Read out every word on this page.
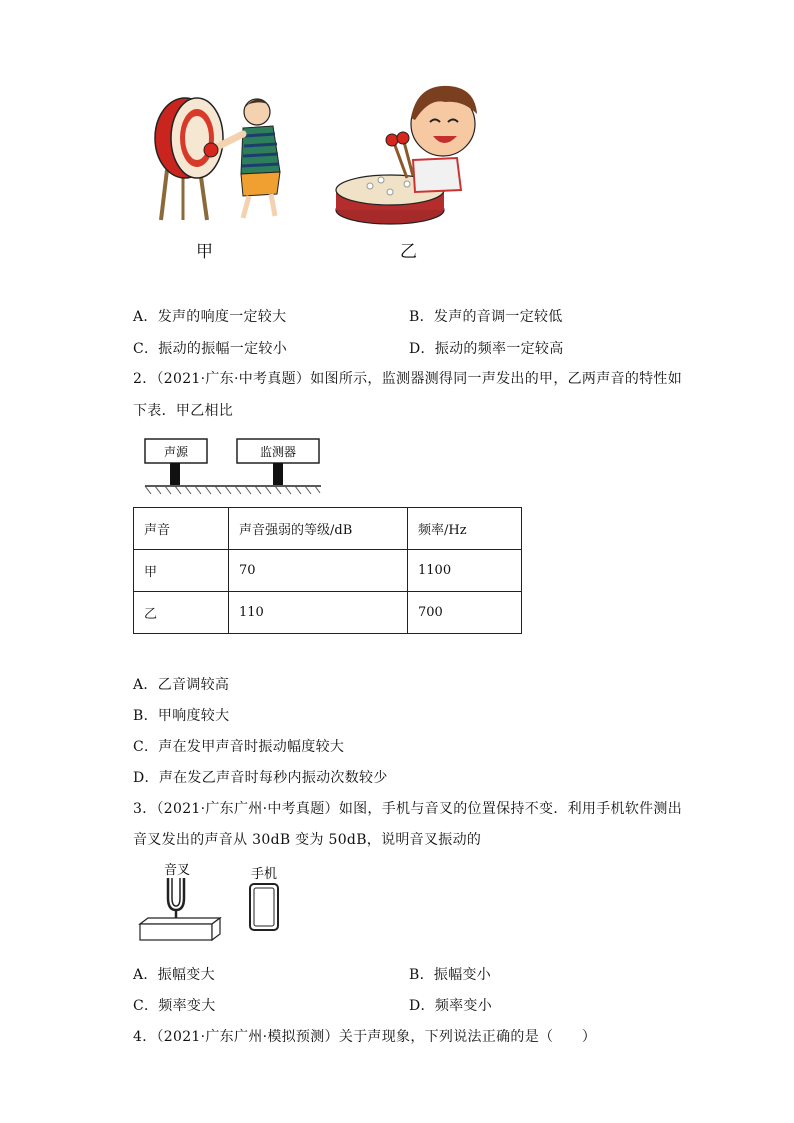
甲	乙
A．发声的响度一定较大	B．发声的音调一定较低
C．振动的振幅一定较小	D．振动的频率一定较高
2．（2021·广东·中考真题）如图所示，监测器测得同一声发出的甲，乙两声音的特性如
下表．甲乙相比
声源	监测器
声音	声音强弱的等级/dB	频率/Hz
甲	70	1100
乙	110	700
A．乙音调较高
B．甲响度较大
C．声在发甲声音时振动幅度较大
D．声在发乙声音时每秒内振动次数较少
3．（2021·广东广州·中考真题）如图，手机与音叉的位置保持不变．利用手机软件测出
音叉发出的声音从 30dB 变为 50dB，说明音叉振动的
音叉	手机
A．振幅变大	B．振幅变小
C．频率变大	D．频率变小
4．（2021·广东广州·模拟预测）关于声现象，下列说法正确的是（　　）
